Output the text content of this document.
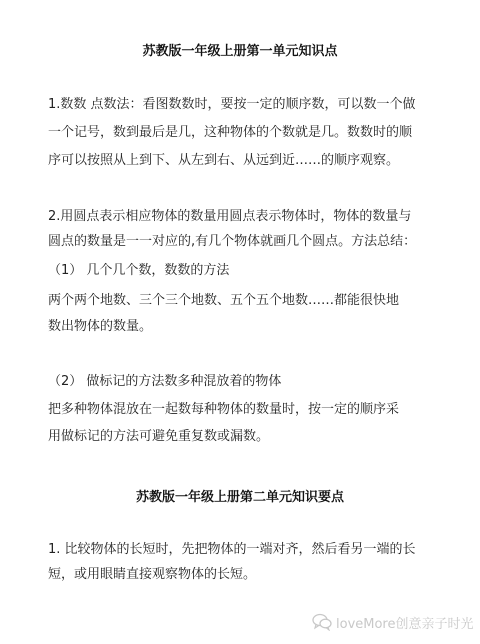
苏教版一年级上册第一单元知识点
1.数数 点数法：看图数数时，要按一定的顺序数，可以数一个做
一个记号，数到最后是几，这种物体的个数就是几。数数时的顺
序可以按照从上到下、从左到右、从远到近……的顺序观察。
2.用圆点表示相应物体的数量用圆点表示物体时，物体的数量与
圆点的数量是一一对应的,有几个物体就画几个圆点。方法总结：
（1） 几个几个数，数数的方法
两个两个地数、三个三个地数、五个五个地数……都能很快地
数出物体的数量。
（2） 做标记的方法数多种混放着的物体
把多种物体混放在一起数每种物体的数量时，按一定的顺序采
用做标记的方法可避免重复数或漏数。
苏教版一年级上册第二单元知识要点
1. 比较物体的长短时，先把物体的一端对齐，然后看另一端的长
短，或用眼睛直接观察物体的长短。
loveMore创意亲子时光
